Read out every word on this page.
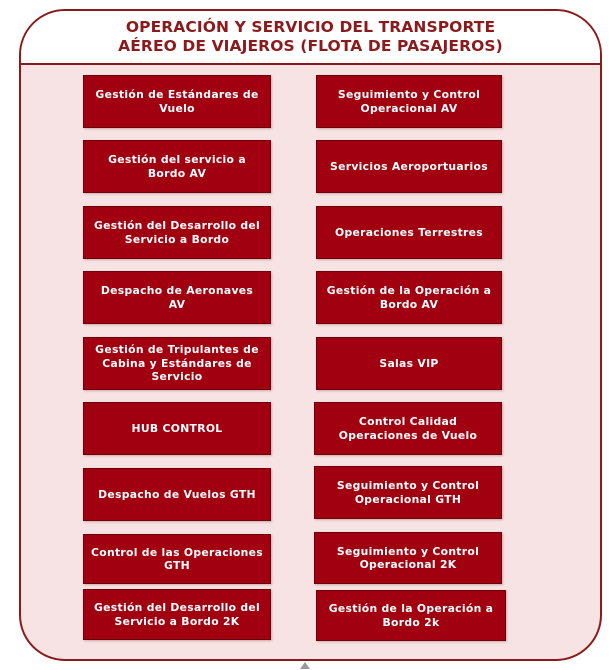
OPERACIÓN Y SERVICIO DEL TRANSPORTE
AÉREO DE VIAJEROS (FLOTA DE PASAJEROS)
Gestión de Estándares de
Vuelo
Gestión del servicio a
Bordo AV
Gestión del Desarrollo del
Servicio a Bordo
Despacho de Aeronaves
AV
Gestión de Tripulantes de
Cabina y Estándares de
Servicio
HUB CONTROL
Despacho de Vuelos GTH
Control de las Operaciones
GTH
Gestión del Desarrollo del
Servicio a Bordo 2K
Seguimiento y Control
Operacional AV
Servicios Aeroportuarios
Operaciones Terrestres
Gestión de la Operación a
Bordo AV
Salas VIP
Control Calidad
Operaciones de Vuelo
Seguimiento y Control
Operacional GTH
Seguimiento y Control
Operacional 2K
Gestión de la Operación a
Bordo 2k
